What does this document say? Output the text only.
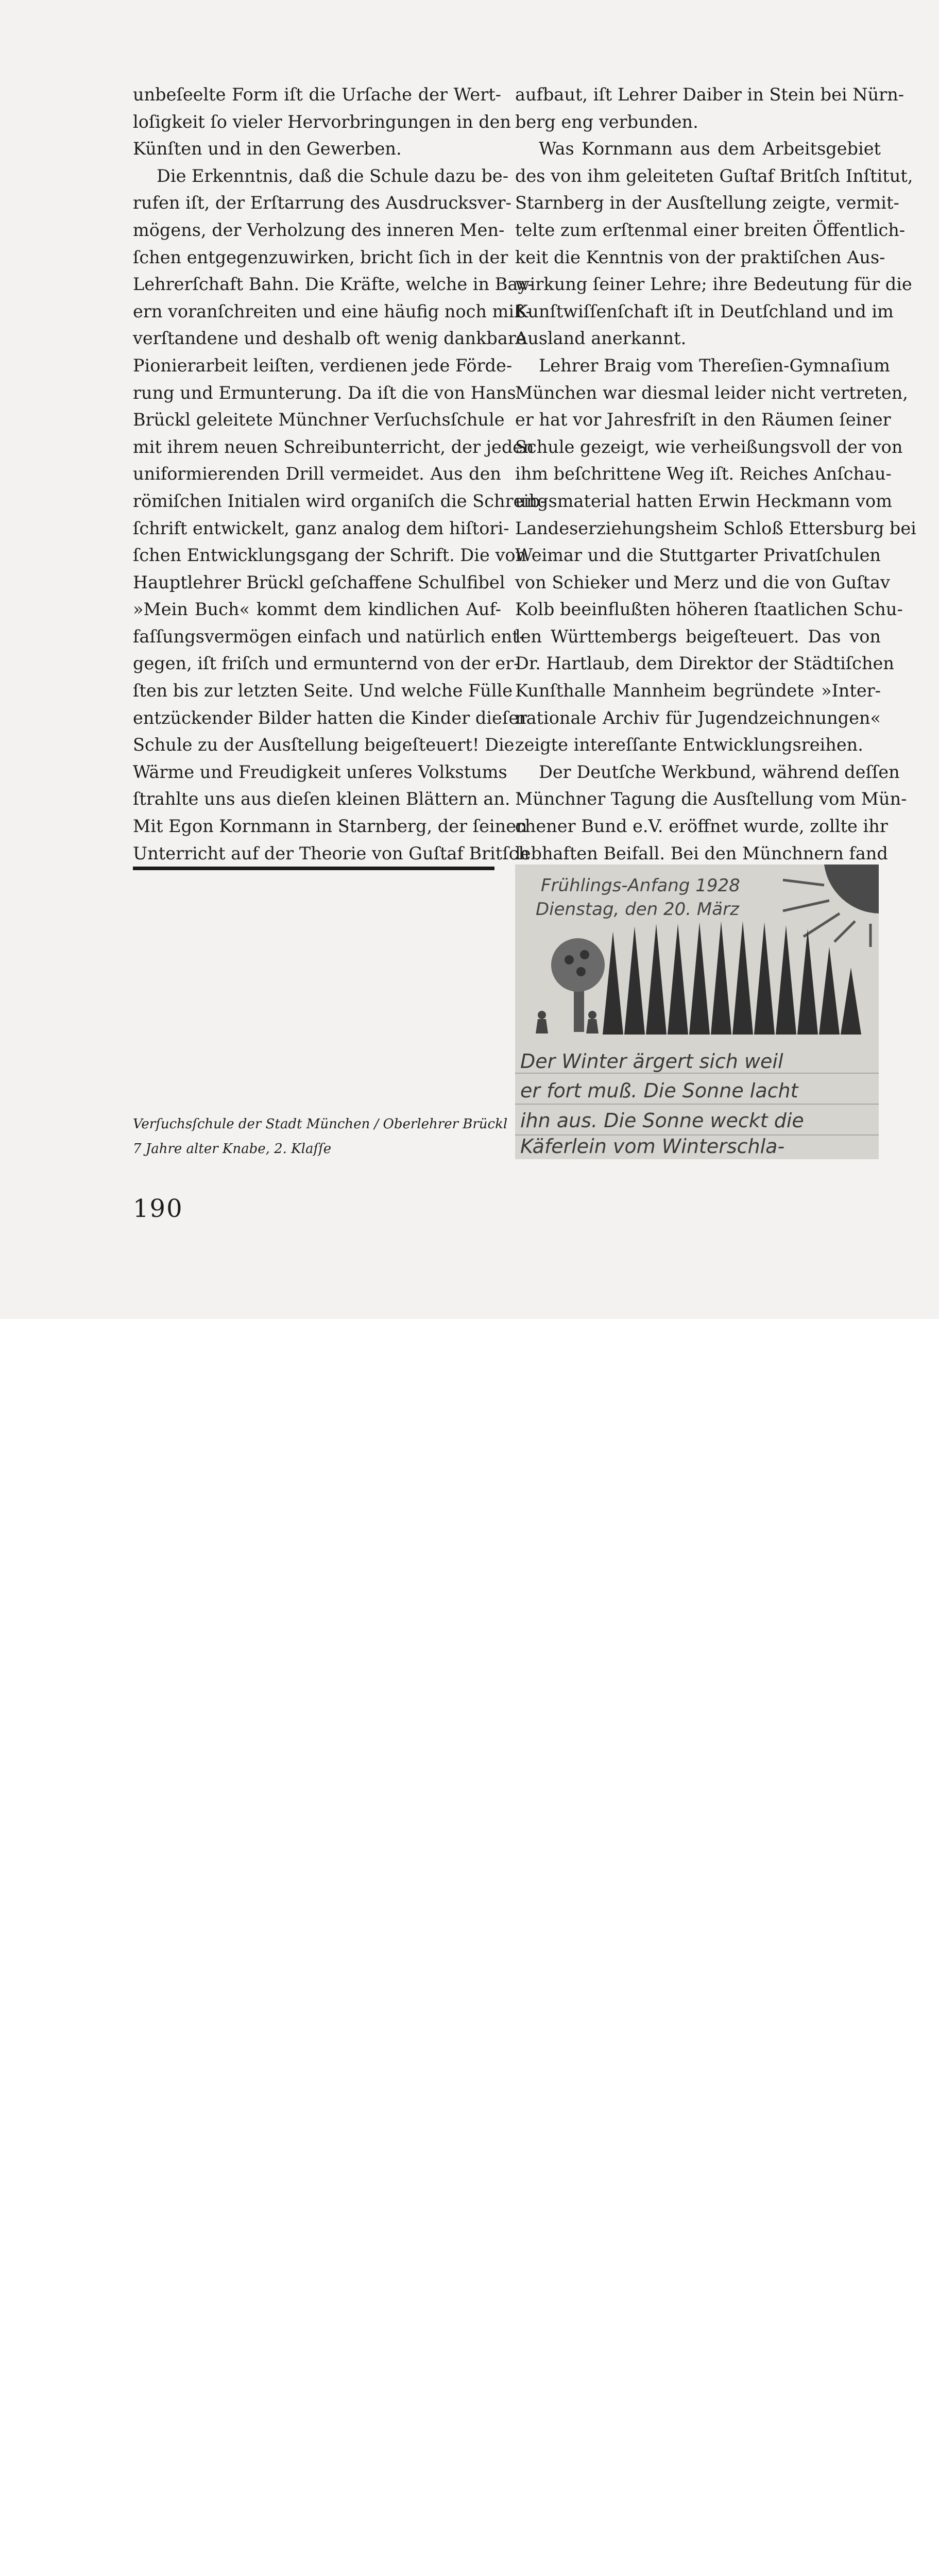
unbeſeelte Form iſt die Urſache der Wert-
loſigkeit ſo vieler Hervorbringungen in den
Künſten und in den Gewerben.
Die Erkenntnis, daß die Schule dazu be-
rufen iſt, der Erſtarrung des Ausdrucksver-
mögens, der Verholzung des inneren Men-
ſchen entgegenzuwirken, bricht ſich in der
Lehrerſchaft Bahn. Die Kräfte, welche in Bay-
ern voranſchreiten und eine häufig noch miß-
verſtandene und deshalb oft wenig dankbare
Pionierarbeit leiſten, verdienen jede Förde-
rung und Ermunterung. Da iſt die von Hans
Brückl geleitete Münchner Verſuchsſchule
mit ihrem neuen Schreibunterricht, der jeden
uniformierenden Drill vermeidet. Aus den
römiſchen Initialen wird organiſch die Schreib-
ſchrift entwickelt, ganz analog dem hiſtori-
ſchen Entwicklungsgang der Schrift. Die von
Hauptlehrer Brückl geſchaffene Schulfibel
»Mein Buch« kommt dem kindlichen Auf-
faſſungsvermögen einfach und natürlich ent-
gegen, iſt friſch und ermunternd von der er-
ſten bis zur letzten Seite. Und welche Fülle
entzückender Bilder hatten die Kinder dieſer
Schule zu der Ausſtellung beigeſteuert! Die
Wärme und Freudigkeit unſeres Volkstums
ſtrahlte uns aus dieſen kleinen Blättern an.
Mit Egon Kornmann in Starnberg, der ſeinen
Unterricht auf der Theorie von Guſtaf Britſch
aufbaut, iſt Lehrer Daiber in Stein bei Nürn-
berg eng verbunden.
Was Kornmann aus dem Arbeitsgebiet
des von ihm geleiteten Guſtaf Britſch Inſtitut,
Starnberg in der Ausſtellung zeigte, vermit-
telte zum erſtenmal einer breiten Öffentlich-
keit die Kenntnis von der praktiſchen Aus-
wirkung ſeiner Lehre; ihre Bedeutung für die
Kunſtwiſſenſchaft iſt in Deutſchland und im
Ausland anerkannt.
Lehrer Braig vom Thereſien-Gymnaſium
München war diesmal leider nicht vertreten,
er hat vor Jahresfriſt in den Räumen ſeiner
Schule gezeigt, wie verheißungsvoll der von
ihm beſchrittene Weg iſt. Reiches Anſchau-
ungsmaterial hatten Erwin Heckmann vom
Landeserziehungsheim Schloß Ettersburg bei
Weimar und die Stuttgarter Privatſchulen
von Schieker und Merz und die von Guſtav
Kolb beeinflußten höheren ſtaatlichen Schu-
len Württembergs beigeſteuert. Das von
Dr. Hartlaub, dem Direktor der Städtiſchen
Kunſthalle Mannheim begründete »Inter-
nationale Archiv für Jugendzeichnungen«
zeigte intereſſante Entwicklungsreihen.
Der Deutſche Werkbund, während deſſen
Münchner Tagung die Ausſtellung vom Mün-
chener Bund e.V. eröffnet wurde, zollte ihr
lebhaften Beifall. Bei den Münchnern fand
Verſuchsſchule der Stadt München / Oberlehrer Brückl
7 Jahre alter Knabe, 2. Klaſſe
190
Frühlings-Anfang 1928
Dienstag, den 20. März
Der Winter ärgert sich weil
er fort muß. Die Sonne lacht
ihn aus. Die Sonne weckt die
Käferlein vom Winterschla-
